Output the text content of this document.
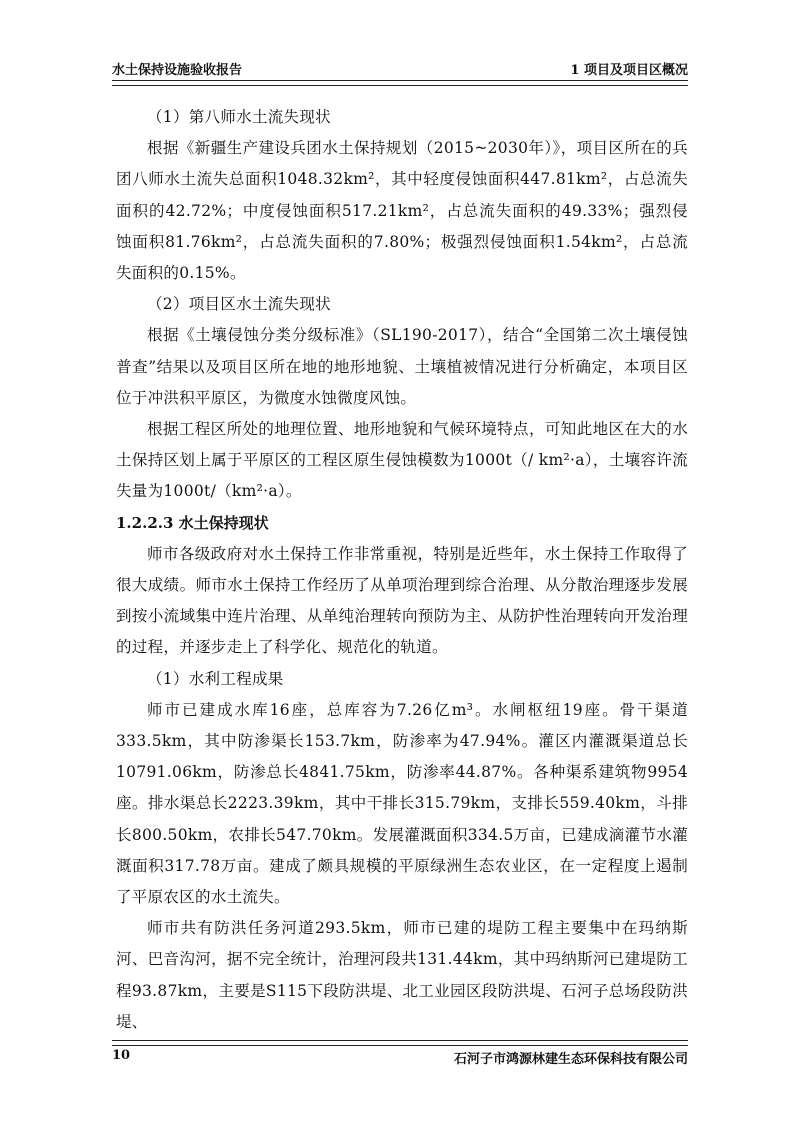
水土保持设施验收报告	1 项目及项目区概况

（1）第八师水土流失现状

根据《新疆生产建设兵团水土保持规划（2015~2030年）》，项目区所在的兵团八师水土流失总面积1048.32km²，其中轻度侵蚀面积447.81km²，占总流失面积的42.72%；中度侵蚀面积517.21km²，占总流失面积的49.33%；强烈侵蚀面积81.76km²，占总流失面积的7.80%；极强烈侵蚀面积1.54km²，占总流失面积的0.15%。

（2）项目区水土流失现状

根据《土壤侵蚀分类分级标准》（SL190-2017），结合“全国第二次土壤侵蚀普查”结果以及项目区所在地的地形地貌、土壤植被情况进行分析确定，本项目区位于冲洪积平原区，为微度水蚀微度风蚀。

根据工程区所处的地理位置、地形地貌和气候环境特点，可知此地区在大的水土保持区划上属于平原区的工程区原生侵蚀模数为1000t（/ km²·a），土壤容许流失量为1000t/（km²·a）。

1.2.2.3 水土保持现状

师市各级政府对水土保持工作非常重视，特别是近些年，水土保持工作取得了很大成绩。师市水土保持工作经历了从单项治理到综合治理、从分散治理逐步发展到按小流域集中连片治理、从单纯治理转向预防为主、从防护性治理转向开发治理的过程，并逐步走上了科学化、规范化的轨道。

（1）水利工程成果

师市已建成水库16座，总库容为7.26亿m³。水闸枢纽19座。骨干渠道333.5km，其中防渗渠长153.7km，防渗率为47.94%。灌区内灌溉渠道总长10791.06km，防渗总长4841.75km，防渗率44.87%。各种渠系建筑物9954座。排水渠总长2223.39km，其中干排长315.79km，支排长559.40km，斗排长800.50km，农排长547.70km。发展灌溉面积334.5万亩，已建成滴灌节水灌溉面积317.78万亩。建成了颇具规模的平原绿洲生态农业区，在一定程度上遏制了平原农区的水土流失。

师市共有防洪任务河道293.5km，师市已建的堤防工程主要集中在玛纳斯河、巴音沟河，据不完全统计，治理河段共131.44km，其中玛纳斯河已建堤防工程93.87km，主要是S115下段防洪堤、北工业园区段防洪堤、石河子总场段防洪堤、

10	石河子市鸿源林建生态环保科技有限公司
